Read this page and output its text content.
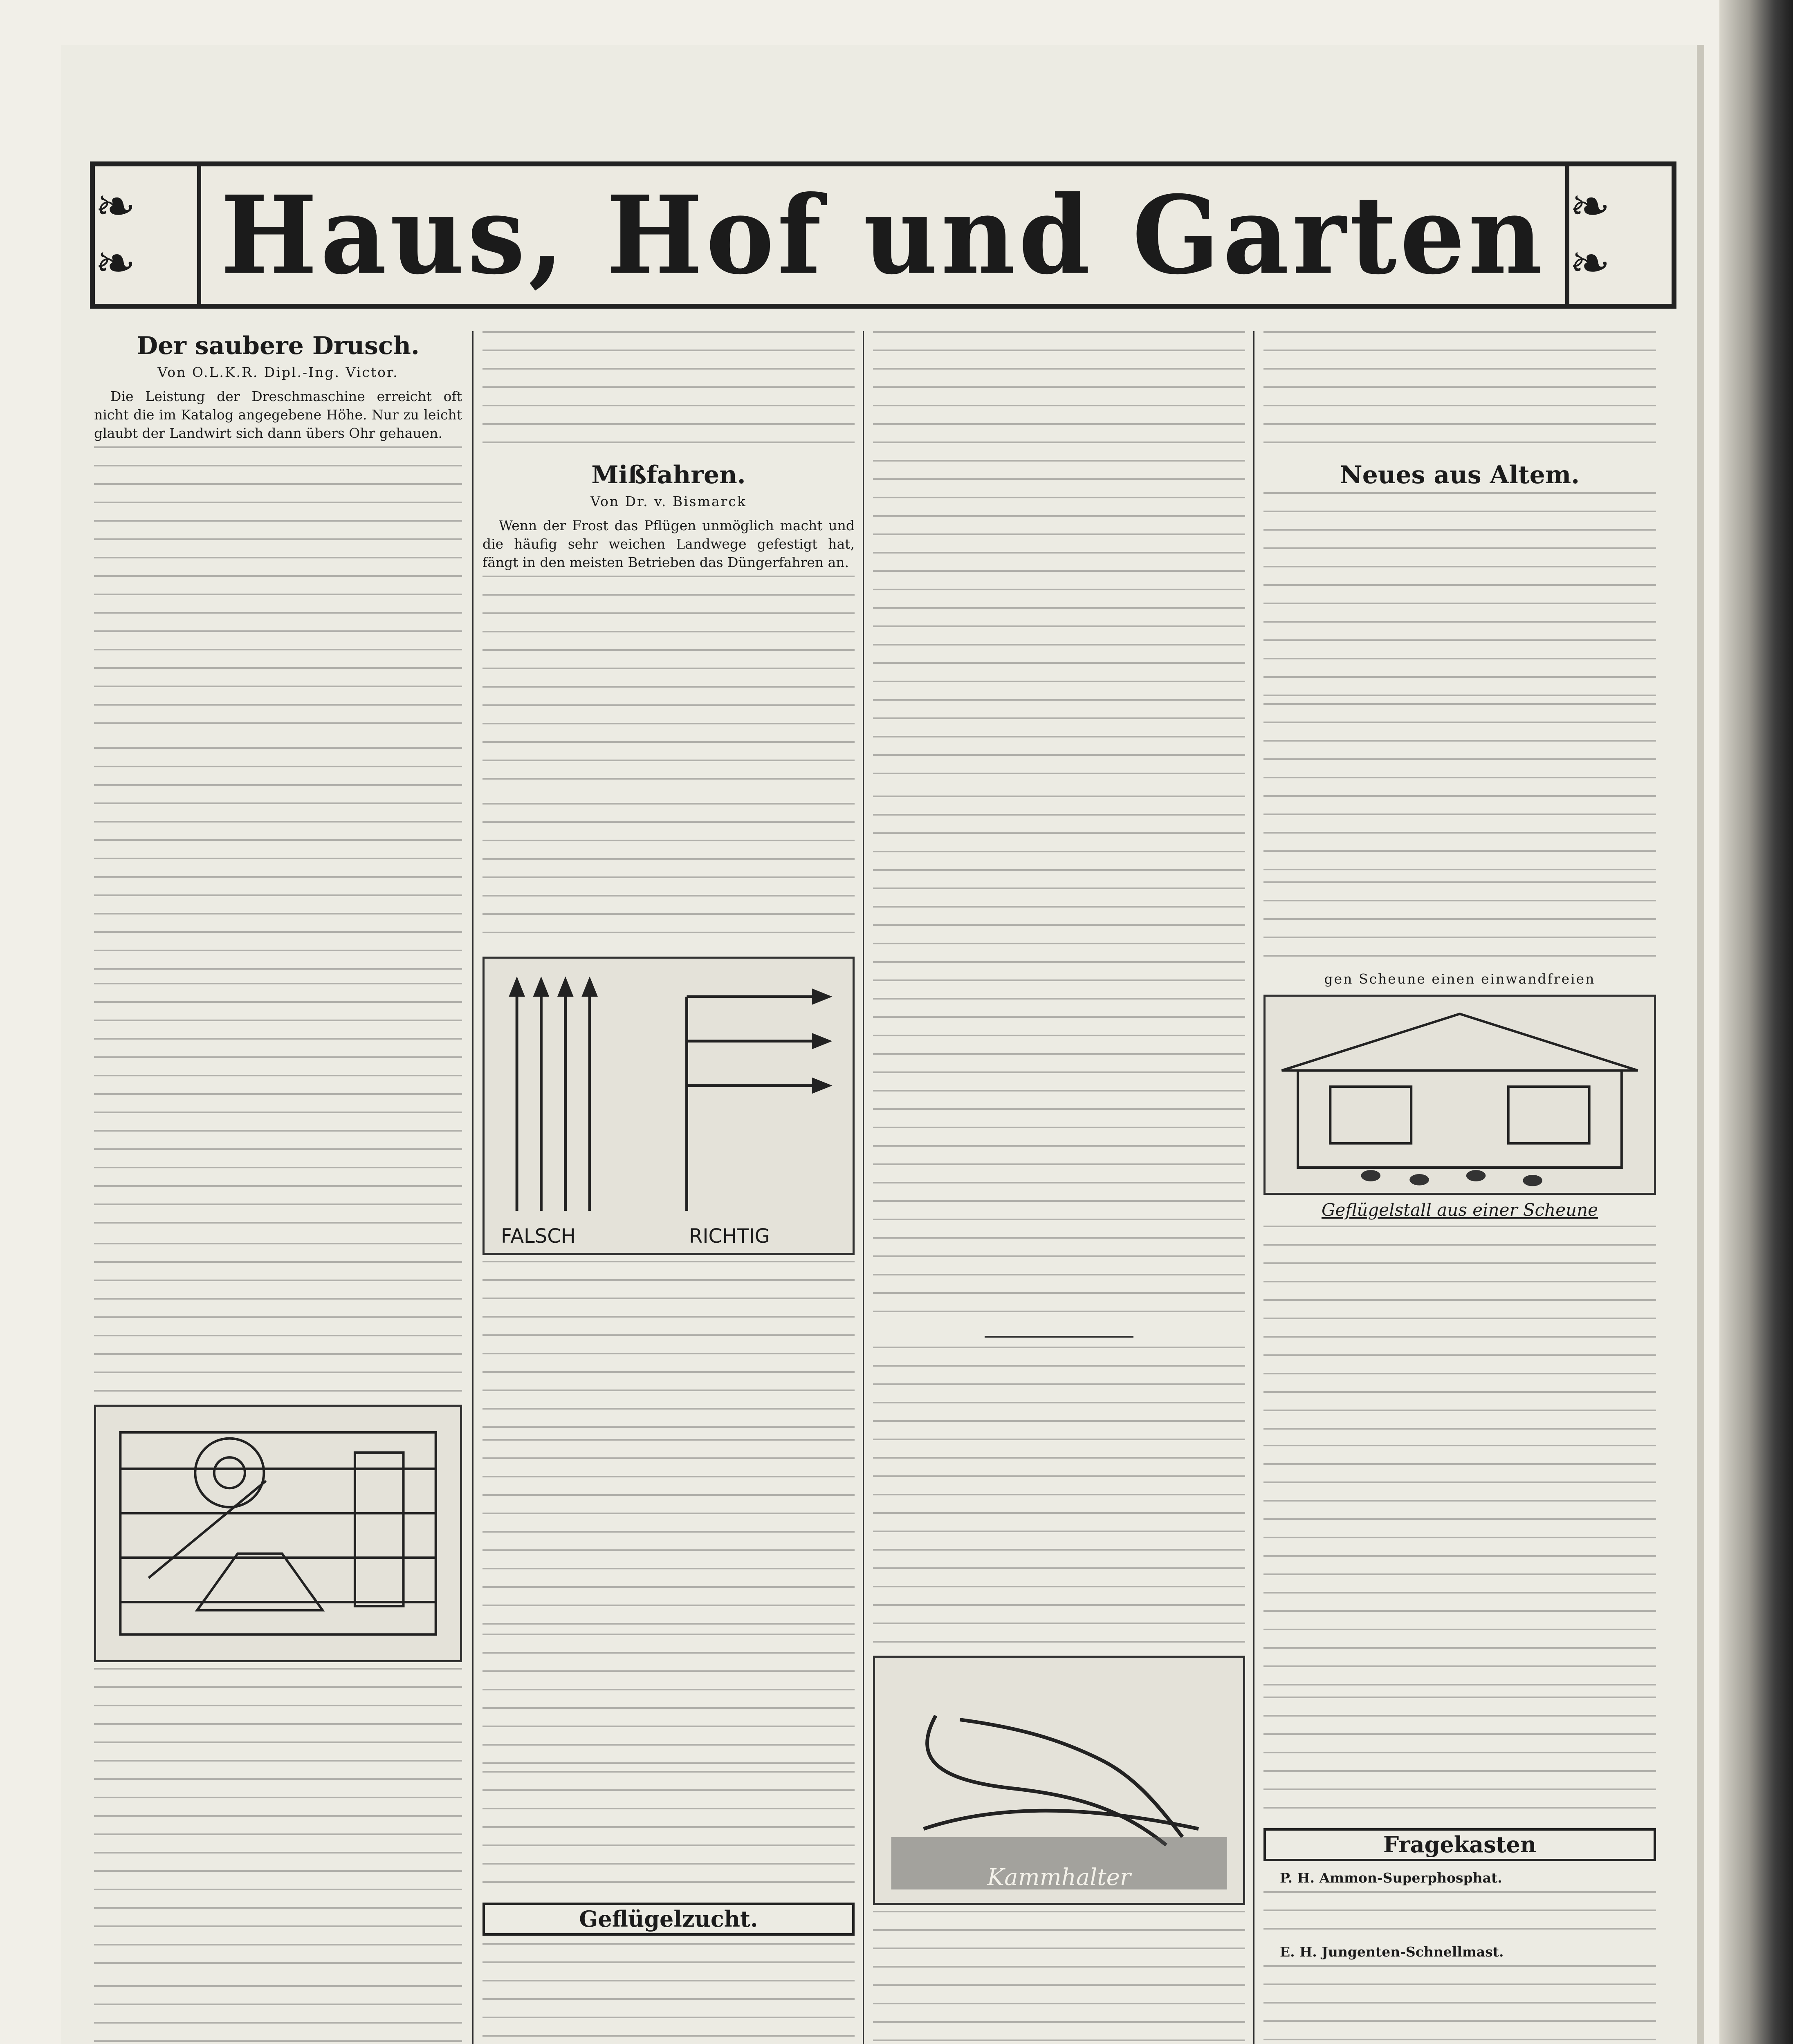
❧ ❧ Haus, Hof und Garten ❧ ❧
Der saubere Drusch.
Von O.L.K.R. Dipl.-Ing. Victor.

Die Leistung der Dreschmaschine erreicht oft nicht die im Katalog angegebene Höhe. Nur zu leicht glaubt der Landwirt sich dann übers Ohr gehauen.

Mißfahren.
Von Dr. v. Bismarck

Wenn der Frost das Pflügen unmöglich macht und die häufig sehr weichen Landwege gefestigt hat, fängt in den meisten Betrieben das Düngerfahren an.

FALSCH	RICHTIG
Geflügelzucht.
Kammhalter
Neues aus Altem.
gen Scheune einen einwandfreien
Geflügelstall aus einer Scheune
Fragekasten

P. H. Ammon-Superphosphat.

E. H. Jungenten-Schnellmast.
